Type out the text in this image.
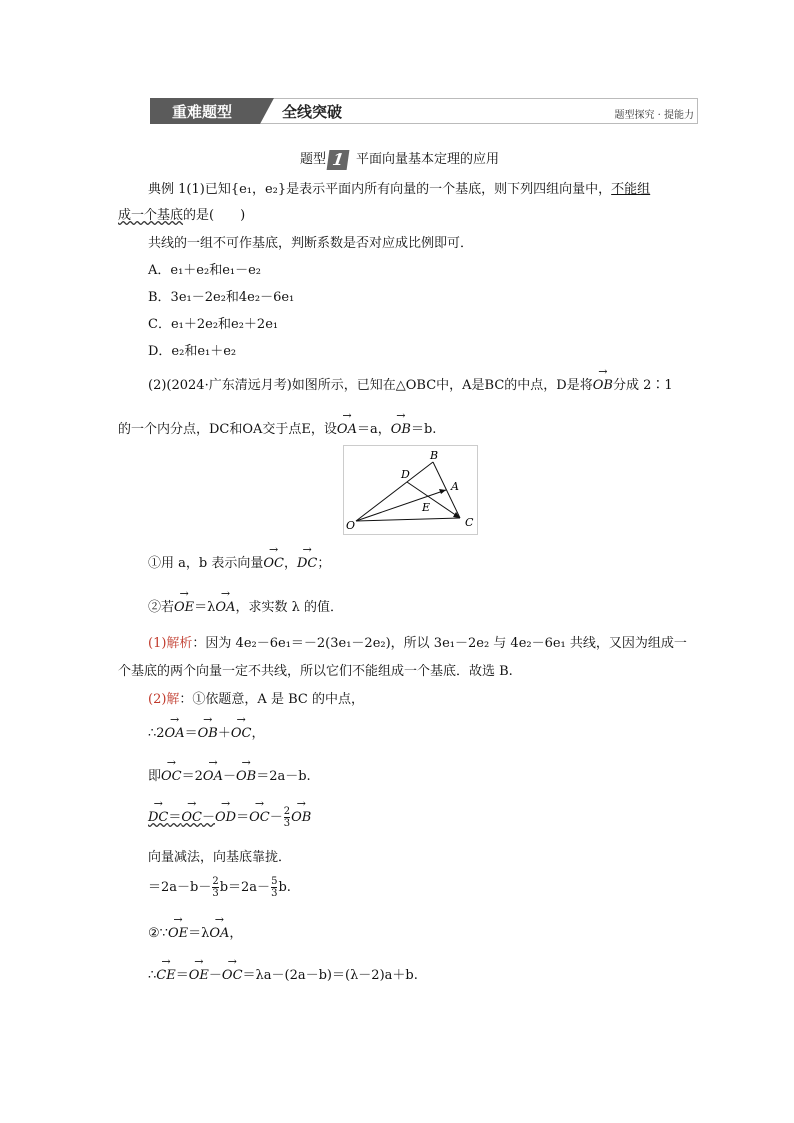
重难题型	全线突破	题型探究 · 提能力
题型 1 平面向量基本定理的应用
典例 1(1)已知{e₁，e₂}是表示平面内所有向量的一个基底，则下列四组向量中，不能组
成一个基底的是(　　)
共线的一组不可作基底，判断系数是否对应成比例即可．
A．e₁＋e₂和e₁－e₂
B．3e₁－2e₂和4e₂－6e₁
C．e₁＋2e₂和e₂＋2e₁
D．e₂和e₁＋e₂
(2)(2024·广东清远月考)如图所示，已知在△OBC中，A是BC的中点，D是将→ OB分成 2∶1
的一个内分点，DC和OA交于点E，设→ OA＝a，→ OB＝b.
O
D
B
A
E
C
①用 a，b 表示向量→ OC，→ DC；
②若→ OE＝λ→ OA，求实数 λ 的值．
(1)解析：因为 4e₂－6e₁＝－2(3e₁－2e₂)，所以 3e₁－2e₂ 与 4e₂－6e₁ 共线，又因为组成一
个基底的两个向量一定不共线，所以它们不能组成一个基底．故选 B.
(2)解：①依题意，A 是 BC 的中点，
∴2→ OA＝→ OB＋→ OC，
即→ OC＝2→ OA－→ OB＝2a－b.
→ $DC=\to OC-\to OD=\to OC- \frac{2}{3}$
→ OB
向量减法，向基底靠拢．
$=2a-b- \frac{2}{3} b=2a- \frac{5}{3} b$.
②∵→ OE＝λ→ OA，
∴→ CE＝→ OE－→ OC＝λa－(2a－b)＝(λ－2)a＋b.
